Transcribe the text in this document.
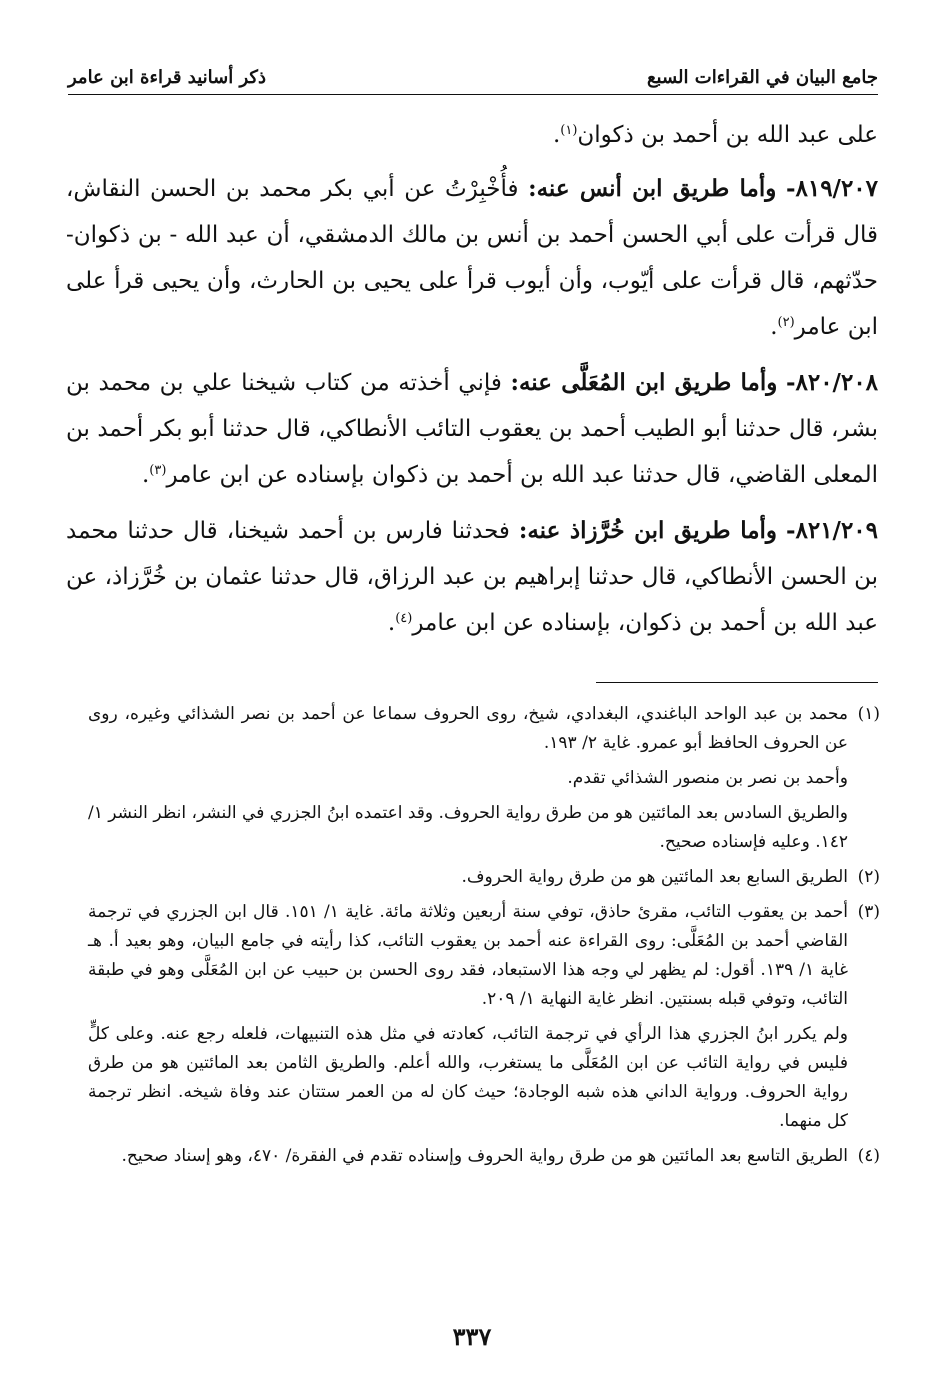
جامع البيان في القراءات السبع
ذكر أسانيد قراءة ابن عامر

على عبد الله بن أحمد بن ذكوان$^{(١)}$.

٨١٩/٢٠٧- وأما طريق ابن أنس عنه: فأُخْبِرْتُ عن أبي بكر محمد بن الحسن النقاش، قال قرأت على أبي الحسن أحمد بن أنس بن مالك الدمشقي، أن عبد الله - بن ذكوان- حدّثهم، قال قرأت على أيّوب، وأن أيوب قرأ على يحيى بن الحارث، وأن يحيى قرأ على ابن عامر$^{(٢)}$.

٨٢٠/٢٠٨- وأما طريق ابن المُعَلَّى عنه: فإني أخذته من كتاب شيخنا علي بن محمد بن بشر، قال حدثنا أبو الطيب أحمد بن يعقوب التائب الأنطاكي، قال حدثنا أبو بكر أحمد بن المعلى القاضي، قال حدثنا عبد الله بن أحمد بن ذكوان بإسناده عن ابن عامر$^{(٣)}$.

٨٢١/٢٠٩- وأما طريق ابن خُرَّزاذ عنه: فحدثنا فارس بن أحمد شيخنا، قال حدثنا محمد بن الحسن الأنطاكي، قال حدثنا إبراهيم بن عبد الرزاق، قال حدثنا عثمان بن خُرَّزاذ، عن عبد الله بن أحمد بن ذكوان، بإسناده عن ابن عامر$^{(٤)}$.

(١)محمد بن عبد الواحد الباغندي، البغدادي، شيخ، روى الحروف سماعا عن أحمد بن نصر الشذائي وغيره، روى عن الحروف الحافظ أبو عمرو. غاية ٢/ ١٩٣.

وأحمد بن نصر بن منصور الشذائي تقدم.

والطريق السادس بعد المائتين هو من طرق رواية الحروف. وقد اعتمده ابنُ الجزري في النشر، انظر النشر ١/ ١٤٢. وعليه فإسناده صحيح.

(٢)الطريق السابع بعد المائتين هو من طرق رواية الحروف.

(٣)أحمد بن يعقوب التائب، مقرئ حاذق، توفي سنة أربعين وثلاثة مائة. غاية ١/ ١٥١. قال ابن الجزري في ترجمة القاضي أحمد بن المُعَلَّى: روى القراءة عنه أحمد بن يعقوب التائب، كذا رأيته في جامع البيان، وهو بعيد أ. هـ غاية ١/ ١٣٩. أقول: لم يظهر لي وجه هذا الاستبعاد، فقد روى الحسن بن حبيب عن ابن المُعَلَّى وهو في طبقة التائب، وتوفي قبله بسنتين. انظر غاية النهاية ١/ ٢٠٩.

ولم يكرر ابنُ الجزري هذا الرأي في ترجمة التائب، كعادته في مثل هذه التنبيهات، فلعله رجع عنه. وعلى كلٍّ فليس في رواية التائب عن ابن المُعَلَّى ما يستغرب، والله أعلم. والطريق الثامن بعد المائتين هو من طرق رواية الحروف. ورواية الداني هذه شبه الوجادة؛ حيث كان له من العمر ستتان عند وفاة شيخه. انظر ترجمة كل منهما.

(٤)الطريق التاسع بعد المائتين هو من طرق رواية الحروف وإسناده تقدم في الفقرة/ ٤٧٠، وهو إسناد صحيح.

٣٣٧
